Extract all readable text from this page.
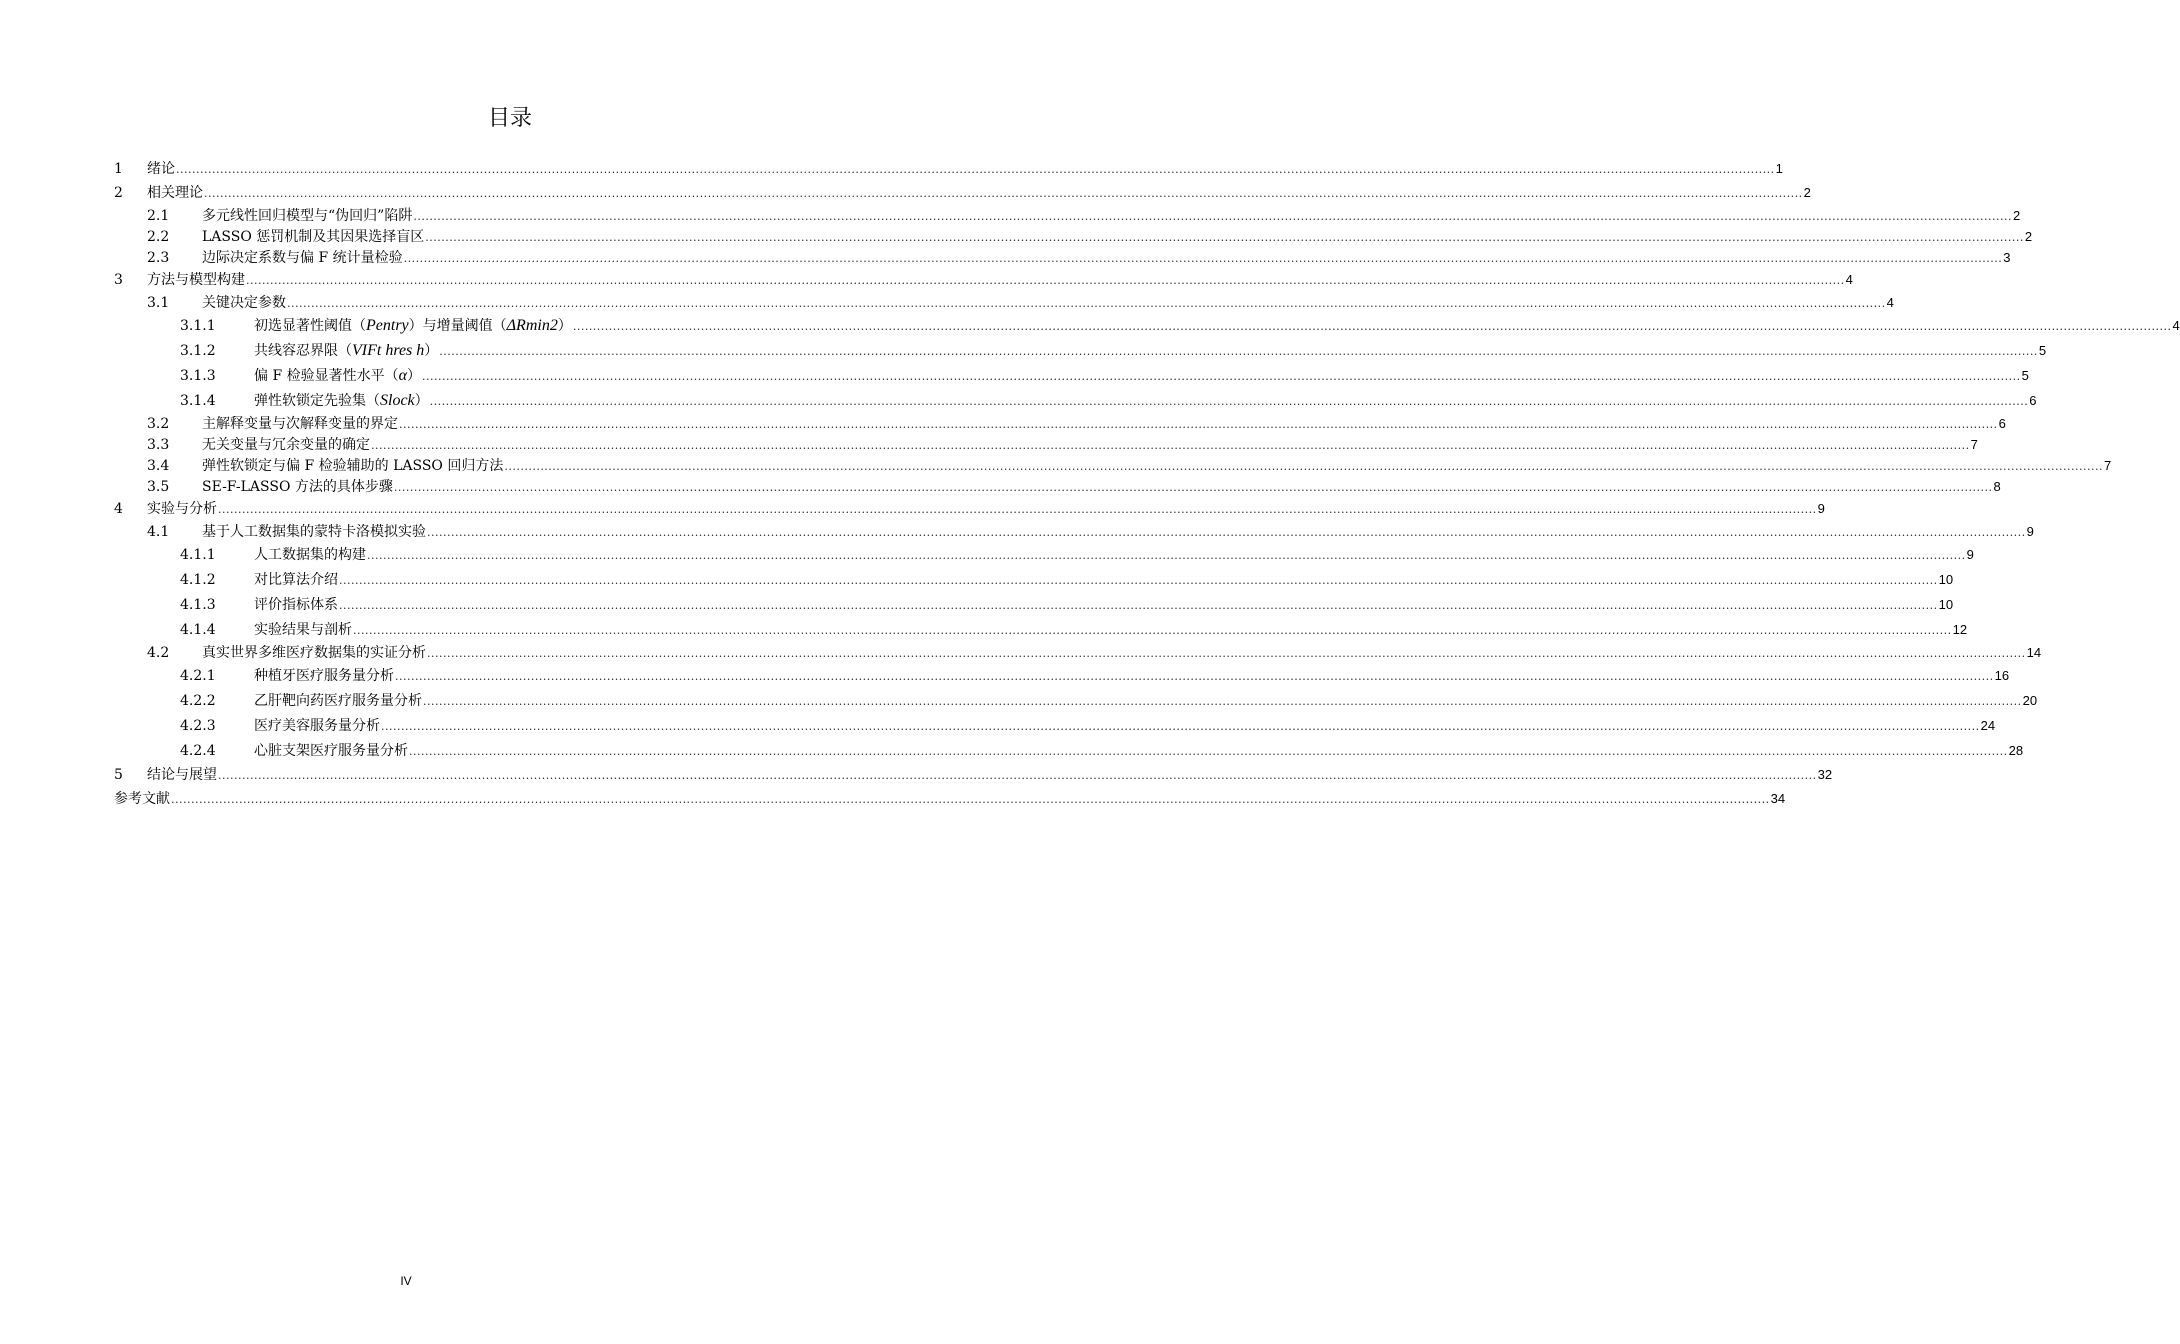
目录
1	绪论 ................................................................................................................................................................................................................................................................................................................................................................................................................ 1
2	相关理论 ................................................................................................................................................................................................................................................................................................................................................................................................................ 2
2.1	多元线性回归模型与“伪回归”陷阱 ................................................................................................................................................................................................................................................................................................................................................................................................................ 2
2.2	LASSO 惩罚机制及其因果选择盲区 ................................................................................................................................................................................................................................................................................................................................................................................................................ 2
2.3	边际决定系数与偏 F 统计量检验 ................................................................................................................................................................................................................................................................................................................................................................................................................ 3
3	方法与模型构建 ................................................................................................................................................................................................................................................................................................................................................................................................................ 4
3.1	关键决定参数 ................................................................................................................................................................................................................................................................................................................................................................................................................ 4
3.1.1	初选显著性阈值（Pentry）与增量阈值（ΔRmin2） ................................................................................................................................................................................................................................................................................................................................................................................................................ 4
3.1.2	共线容忍界限（VIFt hres h） ................................................................................................................................................................................................................................................................................................................................................................................................................ 5
3.1.3	偏 F 检验显著性水平（α） ................................................................................................................................................................................................................................................................................................................................................................................................................ 5
3.1.4	弹性软锁定先验集（Slock） ................................................................................................................................................................................................................................................................................................................................................................................................................ 6
3.2	主解释变量与次解释变量的界定 ................................................................................................................................................................................................................................................................................................................................................................................................................ 6
3.3	无关变量与冗余变量的确定 ................................................................................................................................................................................................................................................................................................................................................................................................................ 7
3.4	弹性软锁定与偏 F 检验辅助的 LASSO 回归方法 ................................................................................................................................................................................................................................................................................................................................................................................................................ 7
3.5	SE-F-LASSO 方法的具体步骤 ................................................................................................................................................................................................................................................................................................................................................................................................................ 8
4	实验与分析 ................................................................................................................................................................................................................................................................................................................................................................................................................ 9
4.1	基于人工数据集的蒙特卡洛模拟实验 ................................................................................................................................................................................................................................................................................................................................................................................................................ 9
4.1.1	人工数据集的构建 ................................................................................................................................................................................................................................................................................................................................................................................................................ 9
4.1.2	对比算法介绍 ................................................................................................................................................................................................................................................................................................................................................................................................................ 10
4.1.3	评价指标体系 ................................................................................................................................................................................................................................................................................................................................................................................................................ 10
4.1.4	实验结果与剖析 ................................................................................................................................................................................................................................................................................................................................................................................................................ 12
4.2	真实世界多维医疗数据集的实证分析 ................................................................................................................................................................................................................................................................................................................................................................................................................ 14
4.2.1	种植牙医疗服务量分析 ................................................................................................................................................................................................................................................................................................................................................................................................................ 16
4.2.2	乙肝靶向药医疗服务量分析 ................................................................................................................................................................................................................................................................................................................................................................................................................ 20
4.2.3	医疗美容服务量分析 ................................................................................................................................................................................................................................................................................................................................................................................................................ 24
4.2.4	心脏支架医疗服务量分析 ................................................................................................................................................................................................................................................................................................................................................................................................................ 28
5	结论与展望 ................................................................................................................................................................................................................................................................................................................................................................................................................ 32
参考文献 ................................................................................................................................................................................................................................................................................................................................................................................................................ 34
IV
